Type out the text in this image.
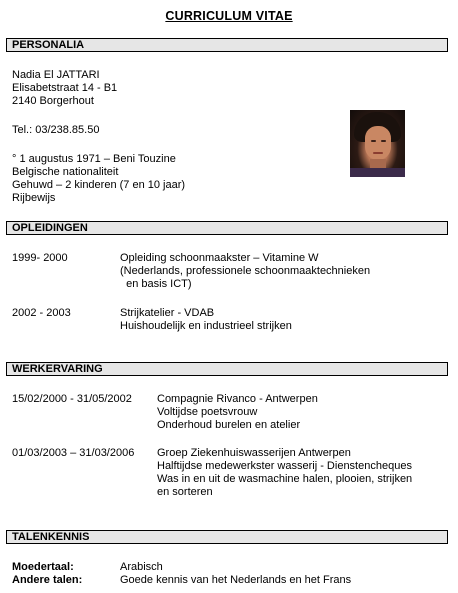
CURRICULUM VITAE
PERSONALIA
Nadia El JATTARI
Elisabetstraat 14 - B1
2140 Borgerhout
Tel.: 03/238.85.50
° 1 augustus 1971 – Beni Touzine
Belgische nationaliteit
Gehuwd – 2 kinderen (7 en 10 jaar)
Rijbewijs
OPLEIDINGEN
1999- 2000	Opleiding schoonmaakster – Vitamine W
(Nederlands, professionele schoonmaaktechnieken
en basis ICT)
2002 - 2003	Strijkatelier - VDAB
Huishoudelijk en industrieel strijken
WERKERVARING
15/02/2000 - 31/05/2002 Compagnie Rivanco - Antwerpen
Voltijdse poetsvrouw
Onderhoud burelen en atelier
01/03/2003 – 31/03/2006 Groep Ziekenhuiswasserijen Antwerpen
Halftijdse medewerkster wasserij - Dienstencheques
Was in en uit de wasmachine halen, plooien, strijken
en sorteren
TALENKENNIS
Moedertaal:	Arabisch
Andere talen:	Goede kennis van het Nederlands en het Frans
